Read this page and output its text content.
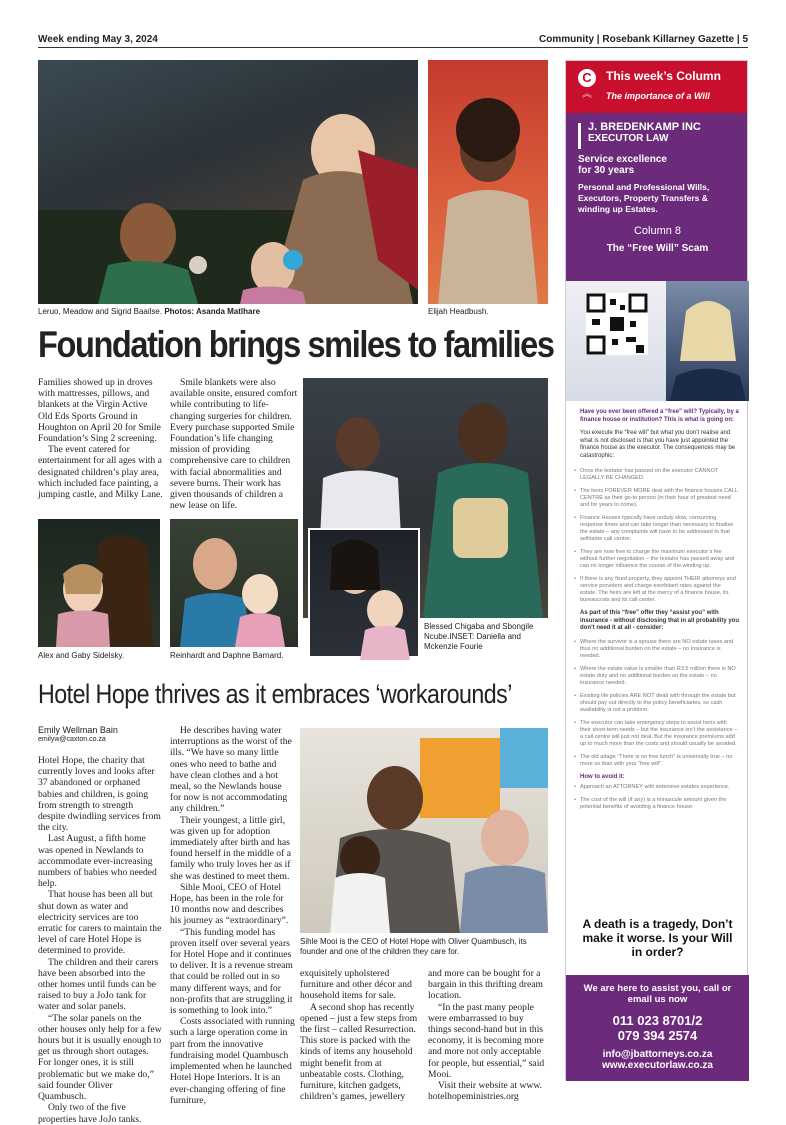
Week ending May 3, 2024	Community | Rosebank Killarney Gazette | 5
Leruo, Meadow and Sigrid Baailse. Photos: Asanda Matlhare	Elijah Headbush.
Foundation brings smiles to families

Families showed up in droves with mattresses, pillows, and blankets at the Virgin Active Old Eds Sports Ground in Houghton on April 20 for Smile Foundation’s Sing 2 screening.

The event catered for entertainment for all ages with a designated children’s play area, which included face painting, a jumping castle, and Milky Lane.

Smile blankets were also available onsite, ensured comfort while contributing to life-changing surgeries for children. Every purchase supported Smile Foundation’s life changing mission of providing comprehensive care to children with facial abnormalities and severe burns. Their work has given thousands of children a new lease on life.

Blessed Chigaba and Sbongile Ncube.INSET: Daniella and Mckenzie Fourie
Alex and Gaby Sidelsky.	Reinhardt and Daphne Barnard.
Hotel Hope thrives as it embraces ‘workarounds’
Emily Wellman Bain
emilyw@caxton.co.za

Hotel Hope, the charity that currently loves and looks after 37 abandoned or orphaned babies and children, is going from strength to strength despite dwindling services from the city.

Last August, a fifth home was opened in Newlands to accommodate ever-increasing numbers of babies who needed help.

That house has been all but shut down as water and electricity services are too erratic for carers to maintain the level of care Hotel Hope is determined to provide.

The children and their carers have been absorbed into the other homes until funds can be raised to buy a JoJo tank for water and solar panels.

“The solar panels on the other houses only help for a few hours but it is usually enough to get us through short outages. For longer ones, it is still problematic but we make do,” said founder Oliver Quambusch.

Only two of the five properties have JoJo tanks.

He describes having water interruptions as the worst of the ills. “We have so many little ones who need to bathe and have clean clothes and a hot meal, so the Newlands house for now is not accommodating any children.”

Their youngest, a little girl, was given up for adoption immediately after birth and has found herself in the middle of a family who truly loves her as if she was destined to meet them.

Sihle Mooi, CEO of Hotel Hope, has been in the role for 10 months now and describes his journey as “extraordinary”.

“This funding model has proven itself over several years for Hotel Hope and it continues to deliver. It is a revenue stream that could be rolled out in so many different ways, and for non-profits that are struggling it is something to look into.”

Costs associated with running such a large operation come in part from the innovative fundraising model Quambusch implemented when he launched Hotel Hope Interiors. It is an ever-changing offering of fine furniture,

Sihle Mooi is the CEO of Hotel Hope with Oliver Quambusch, its founder and one of the children they care for.

exquisitely upholstered furniture and other décor and household items for sale.

A second shop has recently opened – just a few steps from the first – called Resurrection. This store is packed with the kinds of items any household might benefit from at unbeatable costs. Clothing, furniture, kitchen gadgets, children’s games, jewellery

and more can be bought for a bargain in this thrifting dream location.

“In the past many people were embarrassed to buy things second-hand but in this economy, it is becoming more and more not only acceptable for people, but essential,” said Mooi.

Visit their website at www. hotelhopeministries.org

C
︽
This week’s Column
The importance of a Will
J. BREDENKAMP INC
EXECUTOR LAW
Service excellence
for 30 years
Personal and Professional Wills, Executors, Property Transfers & winding up Estates.
Column 8
The “Free Will” Scam
Have you ever been offered a “free” will? Typically, by a finance house or institution? This is what is going on:
You execute the “free will” but what you don’t realise and what is not disclosed is that you have just appointed the finance house as the executor. The consequences may be catastrophic:
• Once the testator has passed on the executor CANNOT LEGALLY BE CHANGED.
• The heirs FOREVER MORE deal with the finance houses CALL CENTRE as their go-to person (in their hour of greatest need and for years to come).
• Finance Houses typically have unduly slow, consuming response times and can take longer than necessary to finalise the estate – any complaints will have to be addressed to that selfsame call centre.
• They are now free to charge the maximum executor’s fee without further negotiation – the testator has passed away and can no longer influence the course of the winding up.
• If there is any fixed property, they appoint THEIR attorneys and service providers and charge exorbitant rates against the estate. The heirs are left at the mercy of a finance house, its bureaucrats and its call center.
As part of this “free” offer they “assist you” with insurance - without disclosing that in all probability you don’t need it at all - consider:
• Where the survivor is a spouse there are NO estate taxes and thus no additional burden on the estate – no insurance is needed.
• Where the estate value is smaller than R3.5 million there is NO estate duty and no additional burden on the estate – no insurance needed.
• Existing life policies ARE NOT dealt with through the estate but should pay out directly to the policy beneficiaries, so cash availability is not a problem.
• The executor can take emergency steps to assist heirs with their short-term needs – but the insurance isn’t the assistance – a call centre will just not deal. But the insurance premiums add up to much more than the costs and should usually be avoided.
• The old adage “There is no free lunch” is universally true – no more so than with your “free will”.
How to avoid it:
• Approach an ATTORNEY with extensive estates experience.
• The cost of the will (if any) is a minuscule amount given the potential benefits of avoiding a finance house.
A death is a tragedy, Don’t make it worse. Is your Will in order?
We are here to assist you, call or email us now
011 023 8701/2
079 394 2574
info@jbattorneys.co.za
www.executorlaw.co.za
